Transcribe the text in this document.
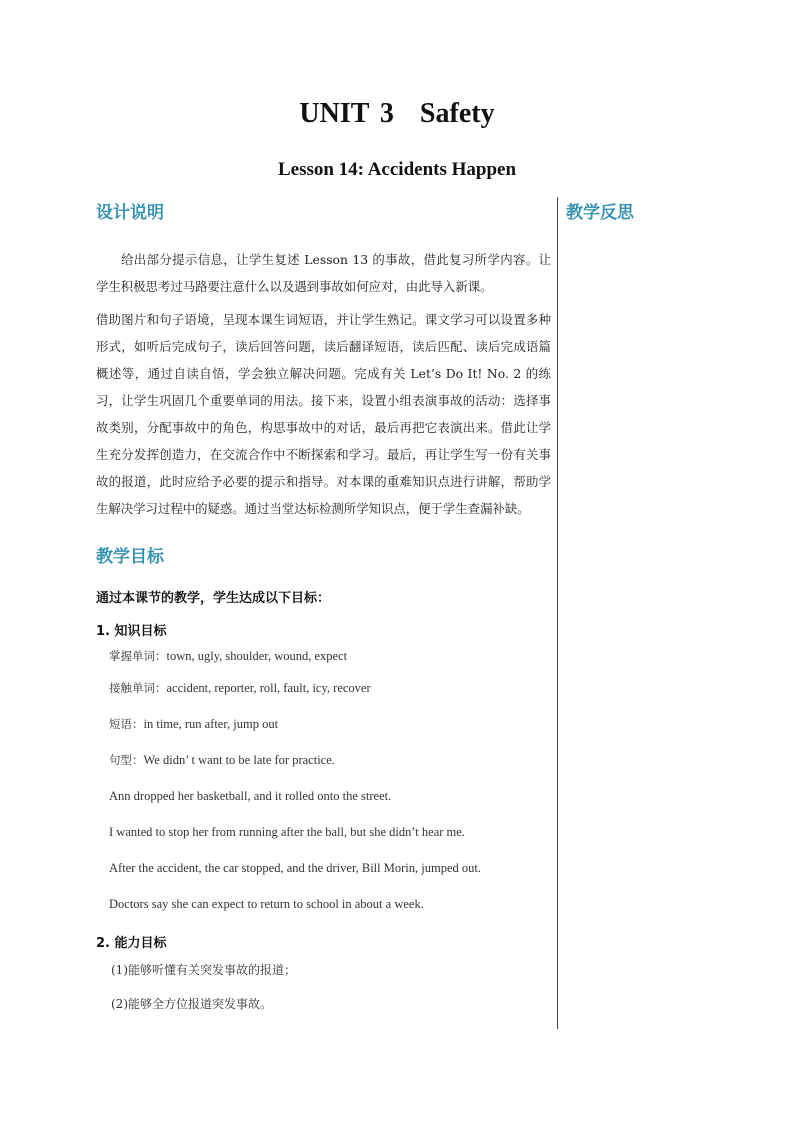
UNIT 3 Safety
Lesson 14: Accidents Happen
设计说明

给出部分提示信息，让学生复述 Lesson 13 的事故，借此复习所学内容。让学生积极思考过马路要注意什么以及遇到事故如何应对，由此导入新课。

借助图片和句子语境，呈现本课生词短语，并让学生熟记。课文学习可以设置多种形式，如听后完成句子，读后回答问题，读后翻译短语，读后匹配、读后完成语篇概述等，通过自读自悟，学会独立解决问题。完成有关 Let’s Do It! No. 2 的练习，让学生巩固几个重要单词的用法。接下来，设置小组表演事故的活动：选择事故类别，分配事故中的角色，构思事故中的对话，最后再把它表演出来。借此让学生充分发挥创造力，在交流合作中不断探索和学习。最后，再让学生写一份有关事故的报道，此时应给予必要的提示和指导。对本课的重难知识点进行讲解，帮助学生解决学习过程中的疑惑。通过当堂达标检测所学知识点，便于学生查漏补缺。

教学目标
通过本课节的教学，学生达成以下目标：
1. 知识目标
掌握单词：town, ugly, shoulder, wound, expect
接触单词：accident, reporter, roll, fault, icy, recover
短语：in time, run after, jump out
句型：We didn’ t want to be late for practice.
Ann dropped her basketball, and it rolled onto the street.
I wanted to stop her from running after the ball, but she didn’t hear me.
After the accident, the car stopped, and the driver, Bill Morin, jumped out.
Doctors say she can expect to return to school in about a week.
2. 能力目标
(1)能够听懂有关突发事故的报道；
(2)能够全方位报道突发事故。
教学反思
